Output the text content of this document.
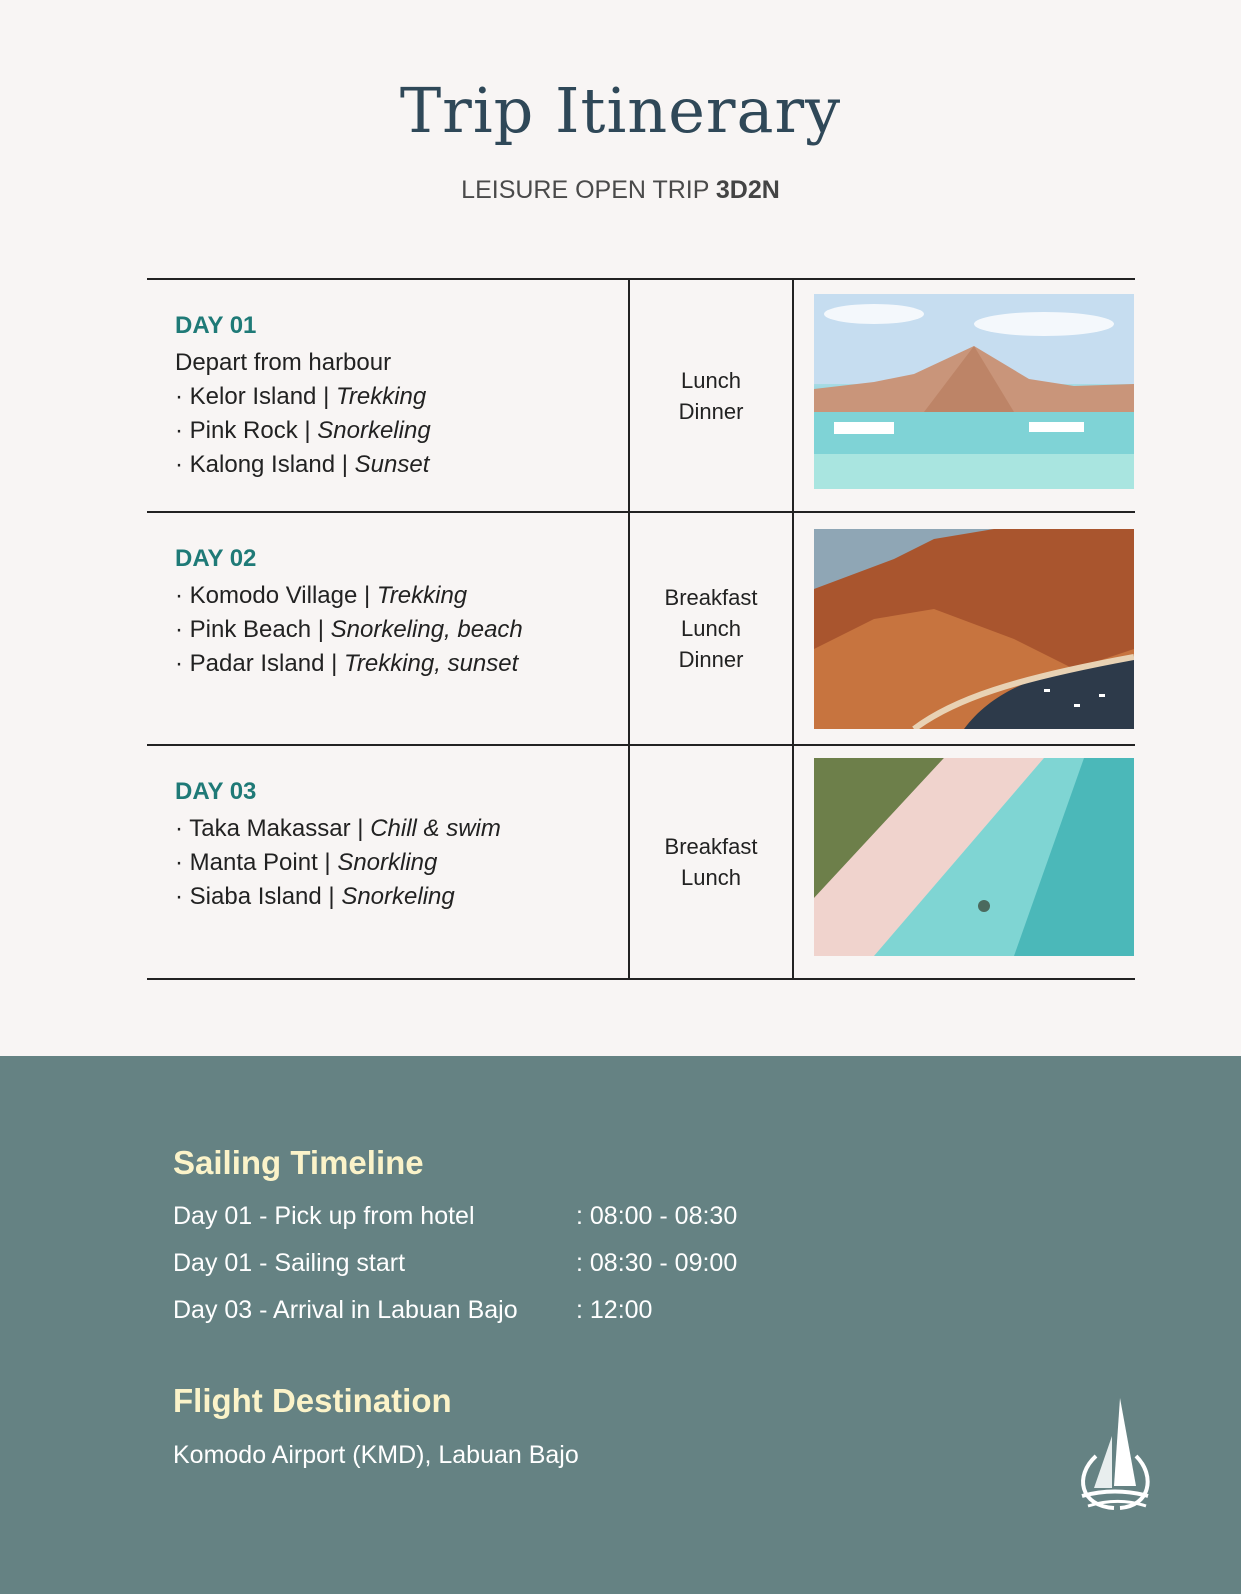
Trip Itinerary
LEISURE OPEN TRIP 3D2N
DAY 01
Depart from harbour
· Kelor Island | Trekking
· Pink Rock | Snorkeling
· Kalong Island | Sunset
Lunch
Dinner
DAY 02
· Komodo Village | Trekking
· Pink Beach | Snorkeling, beach
· Padar Island | Trekking, sunset
Breakfast
Lunch
Dinner
DAY 03
· Taka Makassar | Chill & swim
· Manta Point | Snorkling
· Siaba Island | Snorkeling
Breakfast
Lunch
Sailing Timeline
Day 01 - Pick up from hotel	: 08:00 - 08:30
Day 01 - Sailing start	: 08:30 - 09:00
Day 03 - Arrival in Labuan Bajo : 12:00
Flight Destination
Komodo Airport (KMD), Labuan Bajo
